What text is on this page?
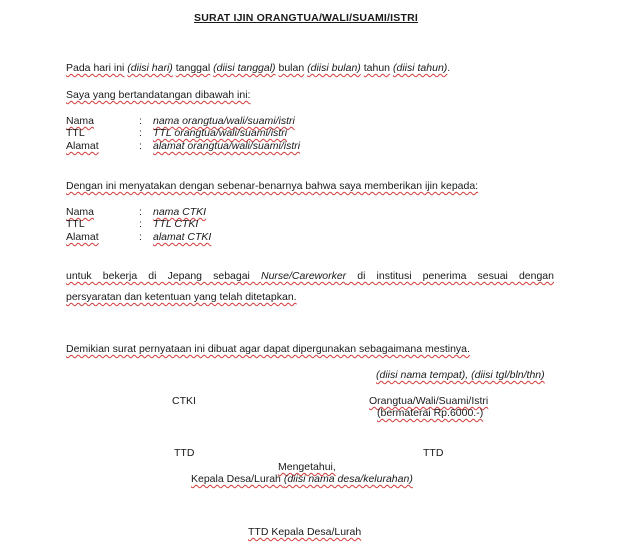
SURAT IJIN ORANGTUA/WALI/SUAMI/ISTRI
Pada hari ini (diisi hari) tanggal (diisi tanggal) bulan (diisi bulan) tahun (diisi tahun).
Saya yang bertandatangan dibawah ini:
Nama	: nama orangtua/wali/suami/istri
TTL	: TTL orangtua/wali/suami/istri
Alamat	: alamat orangtua/wali/suami/istri
Dengan ini menyatakan dengan sebenar-benarnya bahwa saya memberikan ijin kepada:
Nama	: nama CTKI
TTL	: TTL CTKI
Alamat	: alamat CTKI
untuk bekerja di Jepang sebagai Nurse/Careworker di institusi penerima sesuai dengan
persyaratan dan ketentuan yang telah ditetapkan.
Demikian surat pernyataan ini dibuat agar dapat dipergunakan sebagaimana mestinya.
(diisi nama tempat), (diisi tgl/bln/thn)
CTKI	Orangtua/Wali/Suami/Istri
(bermaterai Rp.6000.-)
TTD	TTD
Mengetahui,
Kepala Desa/Lurah (diisi nama desa/kelurahan)
TTD Kepala Desa/Lurah
